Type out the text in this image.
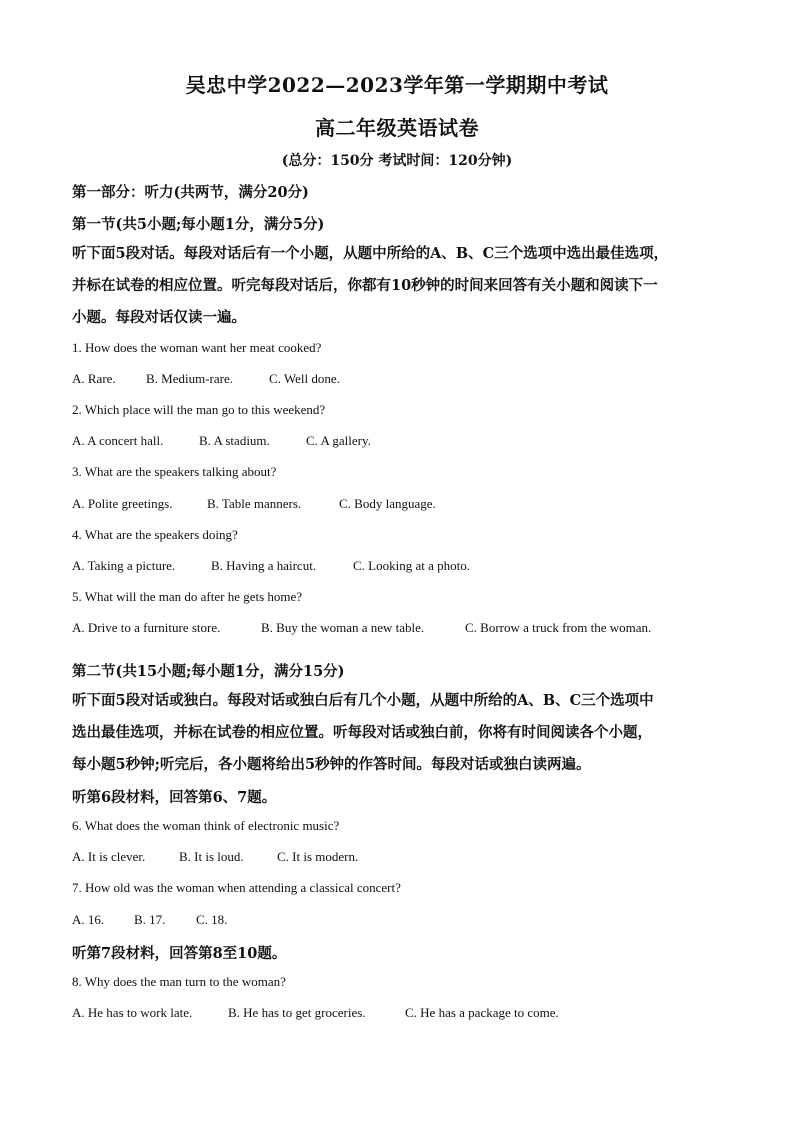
吴忠中学2022—2023学年第一学期期中考试
高二年级英语试卷
(总分：150分 考试时间：120分钟)
第一部分：听力(共两节，满分20分)
第一节(共5小题;每小题1分，满分5分)
听下面5段对话。每段对话后有一个小题，从题中所给的A、B、C三个选项中选出最佳选项，
并标在试卷的相应位置。听完每段对话后，你都有10秒钟的时间来回答有关小题和阅读下一
小题。每段对话仅读一遍。
1. How does the woman want her meat cooked?
A. Rare. B. Medium-rare.	C. Well done.
2. Which place will the man go to this weekend?
A. A concert hall.	B. A stadium.	C. A gallery.
3. What are the speakers talking about?
A. Polite greetings.	B. Table manners.	C. Body language.
4. What are the speakers doing?
A. Taking a picture.	B. Having a haircut.	C. Looking at a photo.
5. What will the man do after he gets home?
A. Drive to a furniture store.	B. Buy the woman a new table.	C. Borrow a truck from the woman.
第二节(共15小题;每小题1分，满分15分)
听下面5段对话或独白。每段对话或独白后有几个小题，从题中所给的A、B、C三个选项中
选出最佳选项，并标在试卷的相应位置。听每段对话或独白前，你将有时间阅读各个小题，
每小题5秒钟;听完后，各小题将给出5秒钟的作答时间。每段对话或独白读两遍。
听第6段材料，回答第6、7题。
6. What does the woman think of electronic music?
A. It is clever.	B. It is loud.	C. It is modern.
7. How old was the woman when attending a classical concert?
A. 16. B. 17. C. 18.
听第7段材料，回答第8至10题。
8. Why does the man turn to the woman?
A. He has to work late.	B. He has to get groceries.	C. He has a package to come.
